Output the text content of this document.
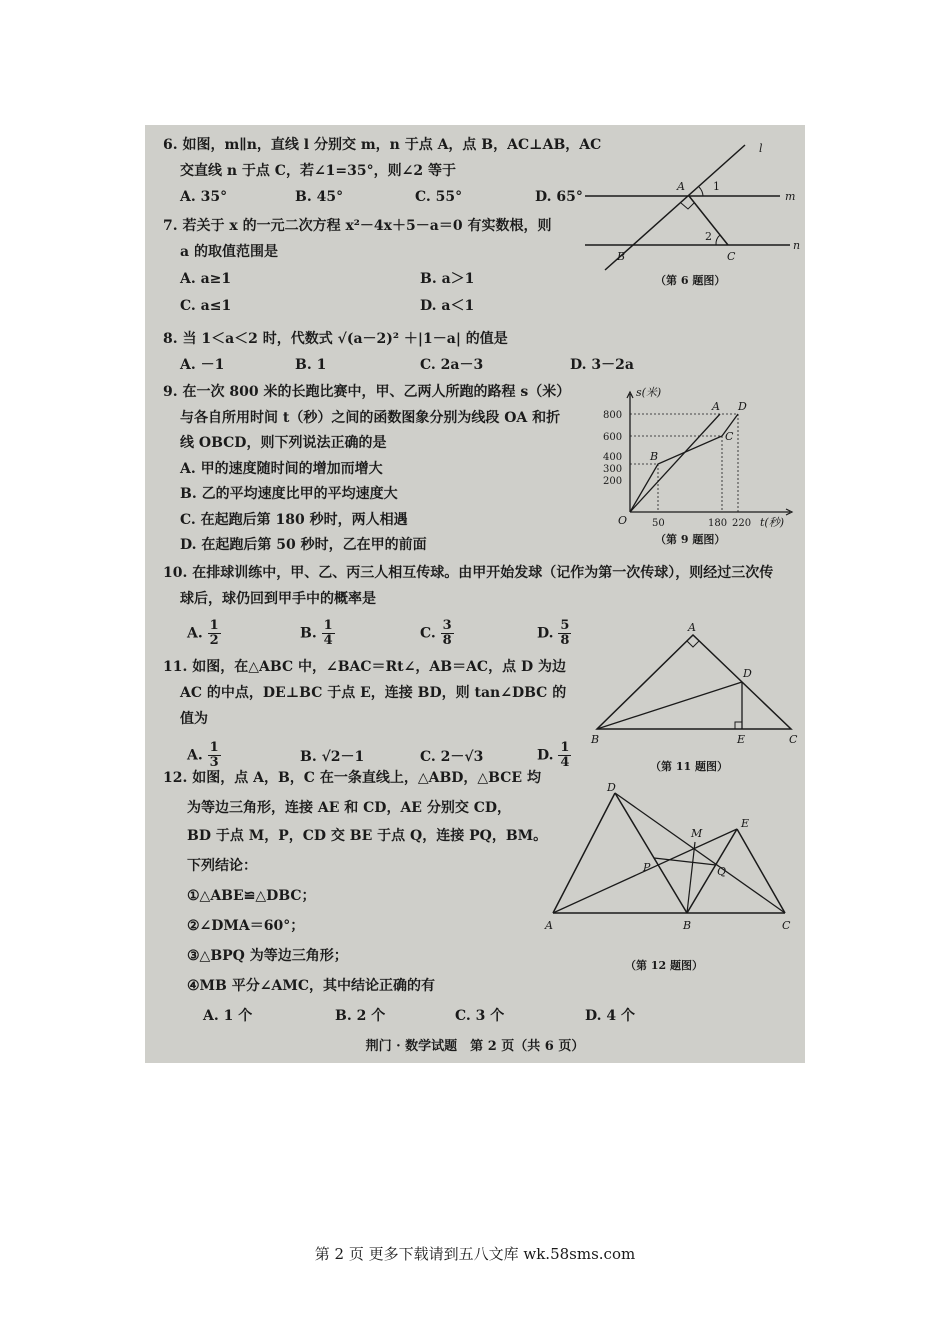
6. 如图，m∥n，直线 l 分别交 m，n 于点 A，点 B，AC⊥AB，AC
交直线 n 于点 C，若∠1=35°，则∠2 等于
A. 35°	B. 45°	C. 55°	D. 65°
l
m
n
A
B	C
1
2
（第 6 题图）
7. 若关于 x 的一元二次方程 x²－4x＋5－a＝0 有实数根，则
a 的取值范围是
A. a≥1	B. a＞1
C. a≤1	D. a＜1
8. 当 1＜a＜2 时，代数式 √(a－2)² ＋|1－a| 的值是
A. －1	B. 1	C. 2a－3	D. 3－2a
9. 在一次 800 米的长跑比赛中，甲、乙两人所跑的路程 s（米）
与各自所用时间 t（秒）之间的函数图象分别为线段 OA 和折
线 OBCD，则下列说法正确的是
A. 甲的速度随时间的增加而增大
B. 乙的平均速度比甲的平均速度大
C. 在起跑后第 180 秒时，两人相遇
D. 在起跑后第 50 秒时，乙在甲的前面
800
600
400
300
200
50	180 220
s(米)
t(秒)
O
A
B
C
D
（第 9 题图）
10. 在排球训练中，甲、乙、丙三人相互传球。由甲开始发球（记作为第一次传球），则经过三次传
球后，球仍回到甲手中的概率是
A. $\frac{1}{2}$	B. $\frac{1}{4}$	C. $\frac{3}{8}$	D. $\frac{5}{8}$
11. 如图，在△ABC 中，∠BAC＝Rt∠，AB＝AC，点 D 为边
AC 的中点，DE⊥BC 于点 E，连接 BD，则 tan∠DBC 的
值为
A. $\frac{1}{3}$	B. √2－1	C. 2－√3	D. $\frac{1}{4}$
A
B	C
D
E
（第 11 题图）
12. 如图，点 A，B，C 在一条直线上，△ABD，△BCE 均
为等边三角形，连接 AE 和 CD，AE 分别交 CD，
BD 于点 M，P，CD 交 BE 于点 Q，连接 PQ，BM。
下列结论：
①△ABE≌△DBC；
②∠DMA＝60°；
③△BPQ 为等边三角形；
④MB 平分∠AMC，其中结论正确的有
A. 1 个	B. 2 个	C. 3 个	D. 4 个
A	B	C
D
E
M
P	Q
（第 12 题图）
荆门 · 数学试题　第 2 页（共 6 页）
第 2 页 更多下载请到五八文库 wk.58sms.com
